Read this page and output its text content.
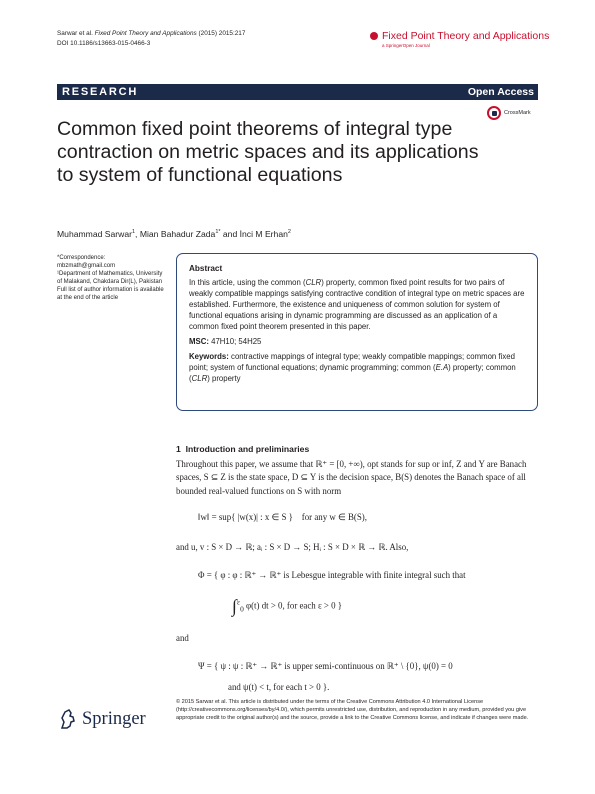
Sarwar et al. Fixed Point Theory and Applications (2015) 2015:217
DOI 10.1186/s13663-015-0466-3
Fixed Point Theory and Applications
a SpringerOpen Journal
RESEARCH	Open Access
CrossMark
Common fixed point theorems of integral type contraction on metric spaces and its applications to system of functional equations
Muhammad Sarwar$^1$, Mian Bahadur Zada$^{1*}$ and İnci M Erhan$^2$
*Correspondence:
mbzmath@gmail.com
¹Department of Mathematics, University of Malakand, Chakdara Dir(L), Pakistan
Full list of author information is available at the end of the article
Abstract
In this article, using the common (CLR) property, common fixed point results for two pairs of weakly compatible mappings satisfying contractive condition of integral type on metric spaces are established. Furthermore, the existence and uniqueness of common solution for system of functional equations arising in dynamic programming are discussed as an application of a common fixed point theorem presented in this paper.
MSC: 47H10; 54H25
Keywords: contractive mappings of integral type; weakly compatible mappings; common fixed point; system of functional equations; dynamic programming; common (E.A) property; common (CLR) property
1 Introduction and preliminaries
Throughout this paper, we assume that ℝ⁺ = [0, +∞), opt stands for sup or inf, Z and Y are Banach spaces, S ⊆ Z is the state space, D ⊆ Y is the decision space, B(S) denotes the Banach space of all bounded real-valued functions on S with norm
‖w‖ = sup{ |w(x)| : x ∈ S } for any w ∈ B(S),
and u, v : S × D → ℝ; aᵢ : S × D → S; Hᵢ : S × D × ℝ → ℝ. Also,
Φ = { φ : φ : ℝ⁺ → ℝ⁺ is Lebesgue integrable with finite integral such that
∫$^\varepsilon_0$ φ(t) dt > 0, for each ε > 0 }
and
Ψ = { ψ : ψ : ℝ⁺ → ℝ⁺ is upper semi-continuous on ℝ⁺ \ {0}, ψ(0) = 0
and ψ(t) < t, for each t > 0 }.
Springer
© 2015 Sarwar et al. This article is distributed under the terms of the Creative Commons Attribution 4.0 International License (http://creativecommons.org/licenses/by/4.0/), which permits unrestricted use, distribution, and reproduction in any medium, provided you give appropriate credit to the original author(s) and the source, provide a link to the Creative Commons license, and indicate if changes were made.
